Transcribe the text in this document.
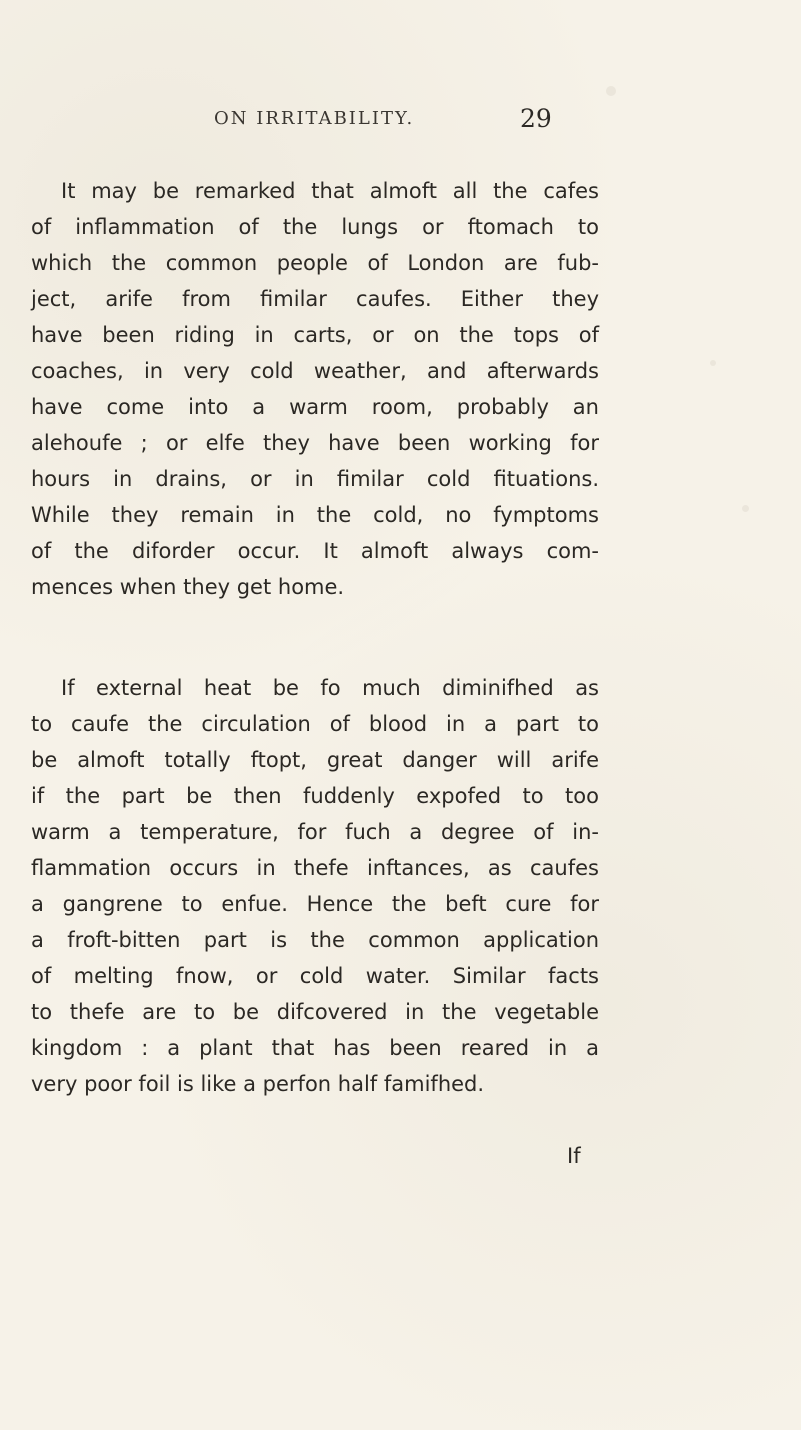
ON IRRITABILITY.	29
It may be remarked that almoft all the cafes
of inflammation of the lungs or ftomach to
which the common people of London are fub-
ject, arife from fimilar caufes. Either they
have been riding in carts, or on the tops of
coaches, in very cold weather, and afterwards
have come into a warm room, probably an
alehoufe ; or elfe they have been working for
hours in drains, or in fimilar cold fituations.
While they remain in the cold, no fymptoms
of the diforder occur. It almoft always com-
mences when they get home.
If external heat be fo much diminifhed as
to caufe the circulation of blood in a part to
be almoft totally ftopt, great danger will arife
if the part be then fuddenly expofed to too
warm a temperature, for fuch a degree of in-
flammation occurs in thefe inftances, as caufes
a gangrene to enfue. Hence the beft cure for
a froft-bitten part is the common application
of melting fnow, or cold water. Similar facts
to thefe are to be difcovered in the vegetable
kingdom : a plant that has been reared in a
very poor foil is like a perfon half famifhed.
If
